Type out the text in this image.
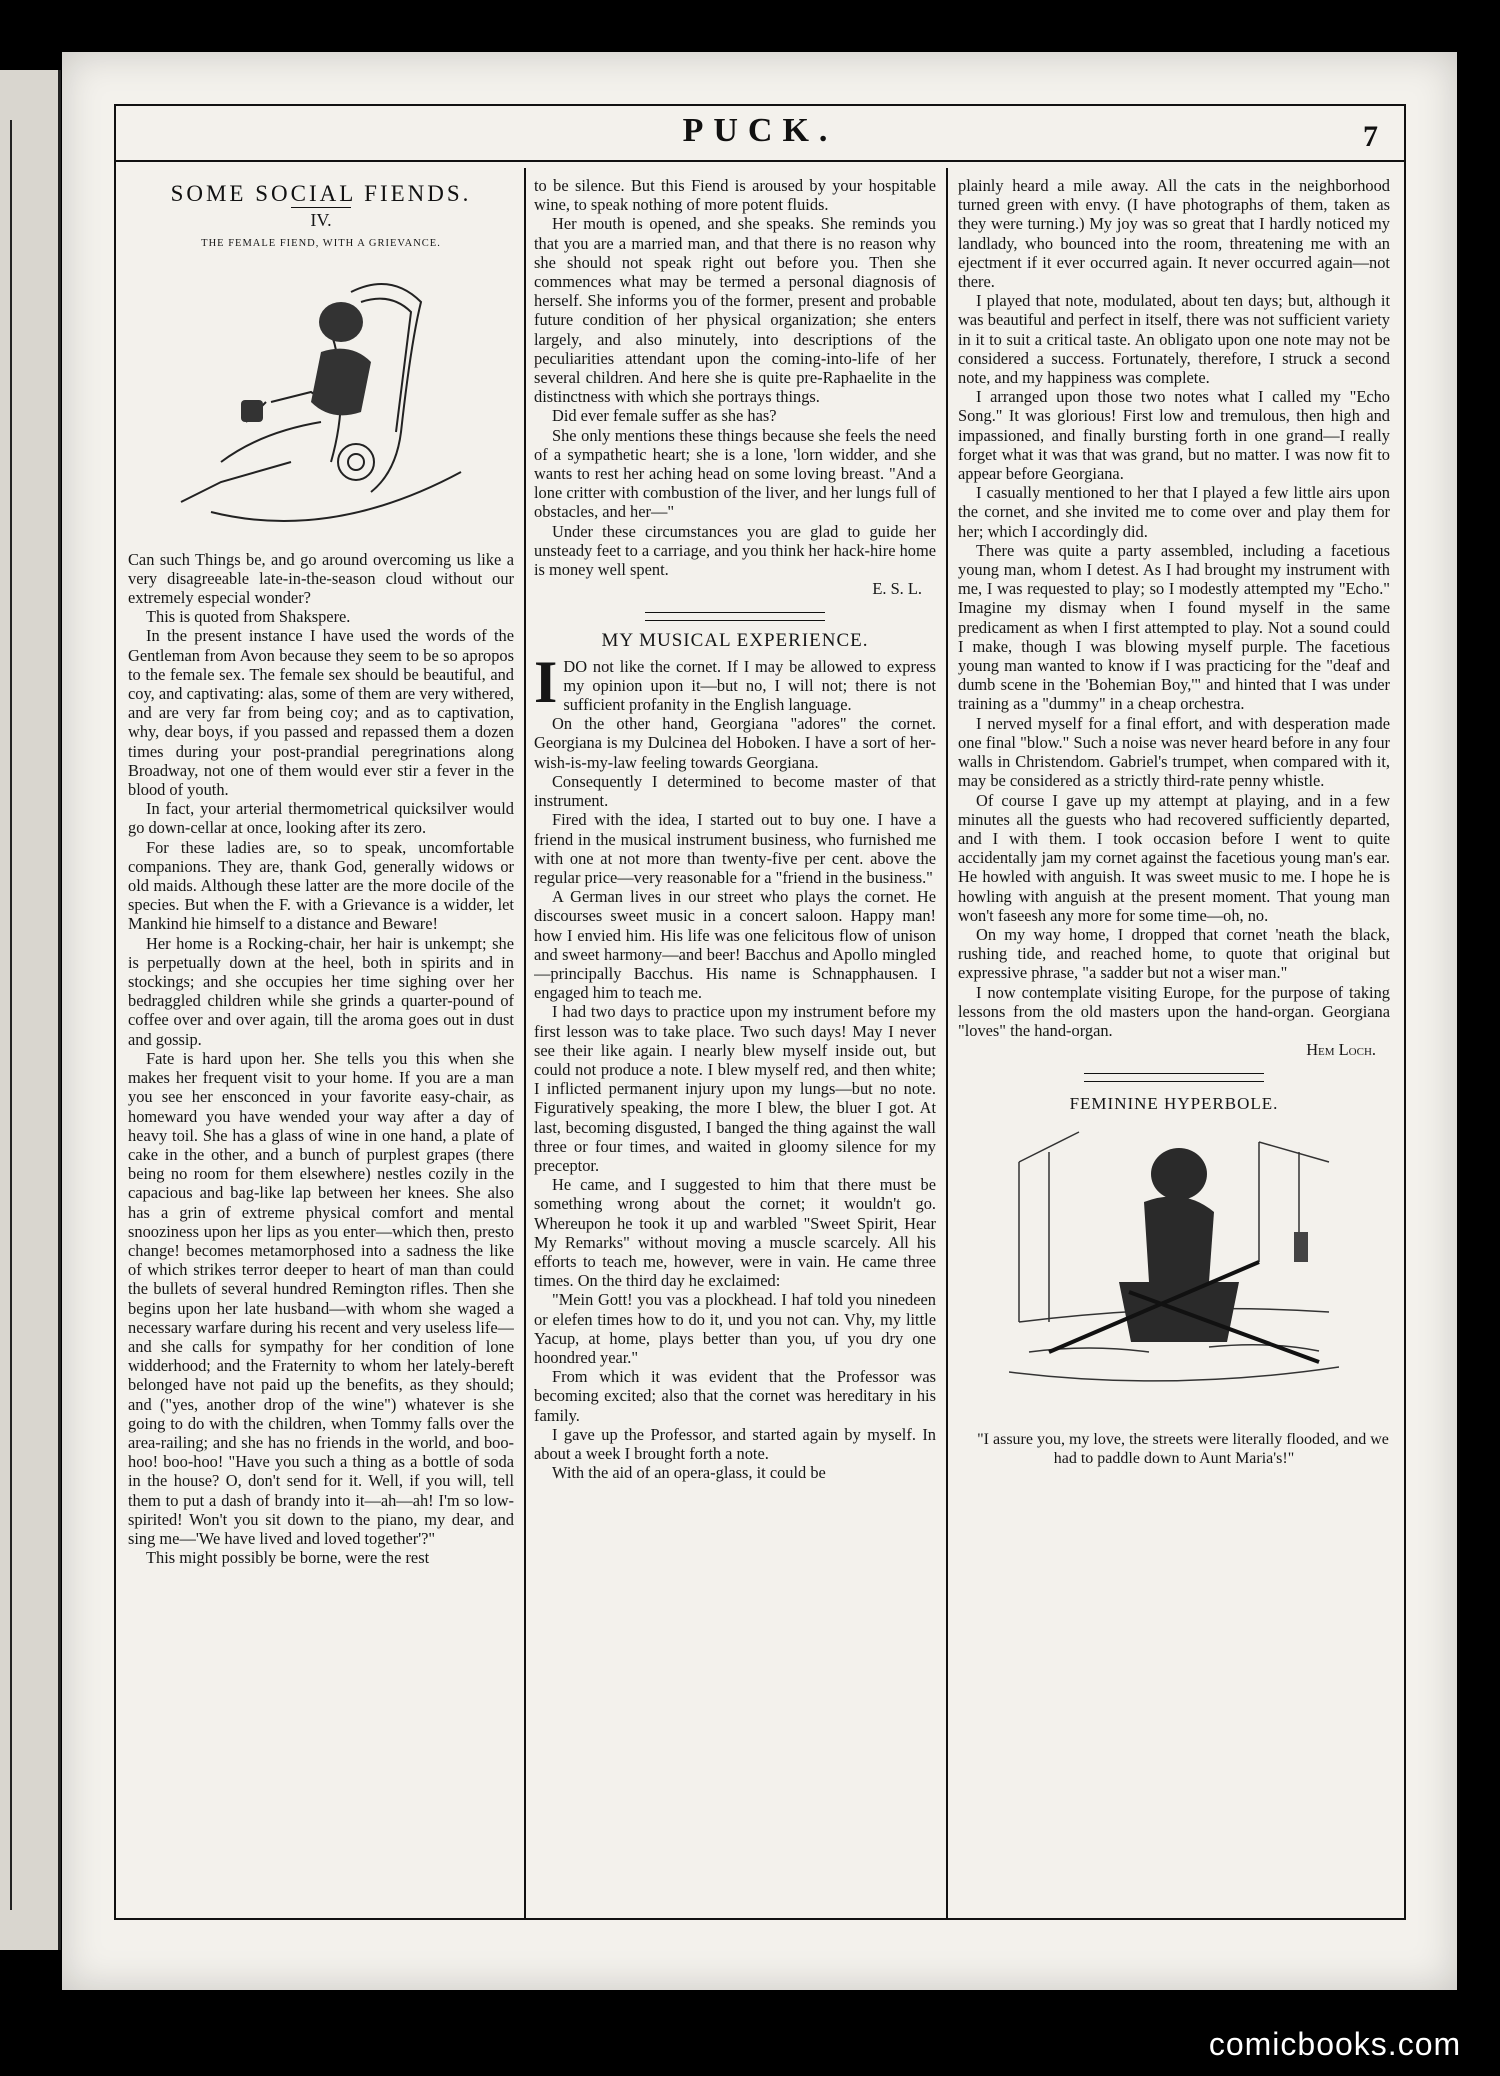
PUCK.	7
SOME SOCIAL FIENDS.
IV.
THE FEMALE FIEND, WITH A GRIEVANCE.

Can such Things be, and go around overcoming us like a very disagreeable late-in-the-season cloud without our extremely especial wonder?

This is quoted from Shakspere.

In the present instance I have used the words of the Gentleman from Avon because they seem to be so apropos to the female sex. The female sex should be beautiful, and coy, and captivating: alas, some of them are very withered, and are very far from being coy; and as to captivation, why, dear boys, if you passed and repassed them a dozen times during your post-prandial peregrinations along Broadway, not one of them would ever stir a fever in the blood of youth.

In fact, your arterial thermometrical quicksilver would go down-cellar at once, looking after its zero.

For these ladies are, so to speak, uncomfortable companions. They are, thank God, generally widows or old maids. Although these latter are the more docile of the species. But when the F. with a Grievance is a widder, let Mankind hie himself to a distance and Beware!

Her home is a Rocking-chair, her hair is unkempt; she is perpetually down at the heel, both in spirits and in stockings; and she occupies her time sighing over her bedraggled children while she grinds a quarter-pound of coffee over and over again, till the aroma goes out in dust and gossip.

Fate is hard upon her. She tells you this when she makes her frequent visit to your home. If you are a man you see her ensconced in your favorite easy-chair, as homeward you have wended your way after a day of heavy toil. She has a glass of wine in one hand, a plate of cake in the other, and a bunch of purplest grapes (there being no room for them elsewhere) nestles cozily in the capacious and bag-like lap between her knees. She also has a grin of extreme physical comfort and mental snooziness upon her lips as you enter—which then, presto change! becomes metamorphosed into a sadness the like of which strikes terror deeper to heart of man than could the bullets of several hundred Remington rifles. Then she begins upon her late husband—with whom she waged a necessary warfare during his recent and very useless life—and she calls for sympathy for her condition of lone widderhood; and the Fraternity to whom her lately-bereft belonged have not paid up the benefits, as they should; and ("yes, another drop of the wine") whatever is she going to do with the children, when Tommy falls over the area-railing; and she has no friends in the world, and boo-hoo! boo-hoo! "Have you such a thing as a bottle of soda in the house? O, don't send for it. Well, if you will, tell them to put a dash of brandy into it—ah—ah! I'm so low-spirited! Won't you sit down to the piano, my dear, and sing me—'We have lived and loved together'?"

This might possibly be borne, were the rest

to be silence. But this Fiend is aroused by your hospitable wine, to speak nothing of more potent fluids.

Her mouth is opened, and she speaks. She reminds you that you are a married man, and that there is no reason why she should not speak right out before you. Then she commences what may be termed a personal diagnosis of herself. She informs you of the former, present and probable future condition of her physical organization; she enters largely, and also minutely, into descriptions of the peculiarities attendant upon the coming-into-life of her several children. And here she is quite pre-Raphaelite in the distinctness with which she portrays things.

Did ever female suffer as she has?

She only mentions these things because she feels the need of a sympathetic heart; she is a lone, 'lorn widder, and she wants to rest her aching head on some loving breast. "And a lone critter with combustion of the liver, and her lungs full of obstacles, and her—"

Under these circumstances you are glad to guide her unsteady feet to a carriage, and you think her hack-hire home is money well spent.

E. S. L.
MY MUSICAL EXPERIENCE.

IDO not like the cornet. If I may be allowed to express my opinion upon it—but no, I will not; there is not sufficient profanity in the English language.

On the other hand, Georgiana "adores" the cornet. Georgiana is my Dulcinea del Hoboken. I have a sort of her-wish-is-my-law feeling towards Georgiana.

Consequently I determined to become master of that instrument.

Fired with the idea, I started out to buy one. I have a friend in the musical instrument business, who furnished me with one at not more than twenty-five per cent. above the regular price—very reasonable for a "friend in the business."

A German lives in our street who plays the cornet. He discourses sweet music in a concert saloon. Happy man! how I envied him. His life was one felicitous flow of unison and sweet harmony—and beer! Bacchus and Apollo mingled—principally Bacchus. His name is Schnapphausen. I engaged him to teach me.

I had two days to practice upon my instrument before my first lesson was to take place. Two such days! May I never see their like again. I nearly blew myself inside out, but could not produce a note. I blew myself red, and then white; I inflicted permanent injury upon my lungs—but no note. Figuratively speaking, the more I blew, the bluer I got. At last, becoming disgusted, I banged the thing against the wall three or four times, and waited in gloomy silence for my preceptor.

He came, and I suggested to him that there must be something wrong about the cornet; it wouldn't go. Whereupon he took it up and warbled "Sweet Spirit, Hear My Remarks" without moving a muscle scarcely. All his efforts to teach me, however, were in vain. He came three times. On the third day he exclaimed:

"Mein Gott! you vas a plockhead. I haf told you ninedeen or elefen times how to do it, und you not can. Vhy, my little Yacup, at home, plays better than you, uf you dry one hoondred year."

From which it was evident that the Professor was becoming excited; also that the cornet was hereditary in his family.

I gave up the Professor, and started again by myself. In about a week I brought forth a note.

With the aid of an opera-glass, it could be

plainly heard a mile away. All the cats in the neighborhood turned green with envy. (I have photographs of them, taken as they were turning.) My joy was so great that I hardly noticed my landlady, who bounced into the room, threatening me with an ejectment if it ever occurred again. It never occurred again—not there.

I played that note, modulated, about ten days; but, although it was beautiful and perfect in itself, there was not sufficient variety in it to suit a critical taste. An obligato upon one note may not be considered a success. Fortunately, therefore, I struck a second note, and my happiness was complete.

I arranged upon those two notes what I called my "Echo Song." It was glorious! First low and tremulous, then high and impassioned, and finally bursting forth in one grand—I really forget what it was that was grand, but no matter. I was now fit to appear before Georgiana.

I casually mentioned to her that I played a few little airs upon the cornet, and she invited me to come over and play them for her; which I accordingly did.

There was quite a party assembled, including a facetious young man, whom I detest. As I had brought my instrument with me, I was requested to play; so I modestly attempted my "Echo." Imagine my dismay when I found myself in the same predicament as when I first attempted to play. Not a sound could I make, though I was blowing myself purple. The facetious young man wanted to know if I was practicing for the "deaf and dumb scene in the 'Bohemian Boy,'" and hinted that I was under training as a "dummy" in a cheap orchestra.

I nerved myself for a final effort, and with desperation made one final "blow." Such a noise was never heard before in any four walls in Christendom. Gabriel's trumpet, when compared with it, may be considered as a strictly third-rate penny whistle.

Of course I gave up my attempt at playing, and in a few minutes all the guests who had recovered sufficiently departed, and I with them. I took occasion before I went to quite accidentally jam my cornet against the facetious young man's ear. He howled with anguish. It was sweet music to me. I hope he is howling with anguish at the present moment. That young man won't faseesh any more for some time—oh, no.

On my way home, I dropped that cornet 'neath the black, rushing tide, and reached home, to quote that original but expressive phrase, "a sadder but not a wiser man."

I now contemplate visiting Europe, for the purpose of taking lessons from the old masters upon the hand-organ. Georgiana "loves" the hand-organ.

Hem Loch.
FEMININE HYPERBOLE.

"I assure you, my love, the streets were literally flooded, and we had to paddle down to Aunt Maria's!"

comicbooks.com
